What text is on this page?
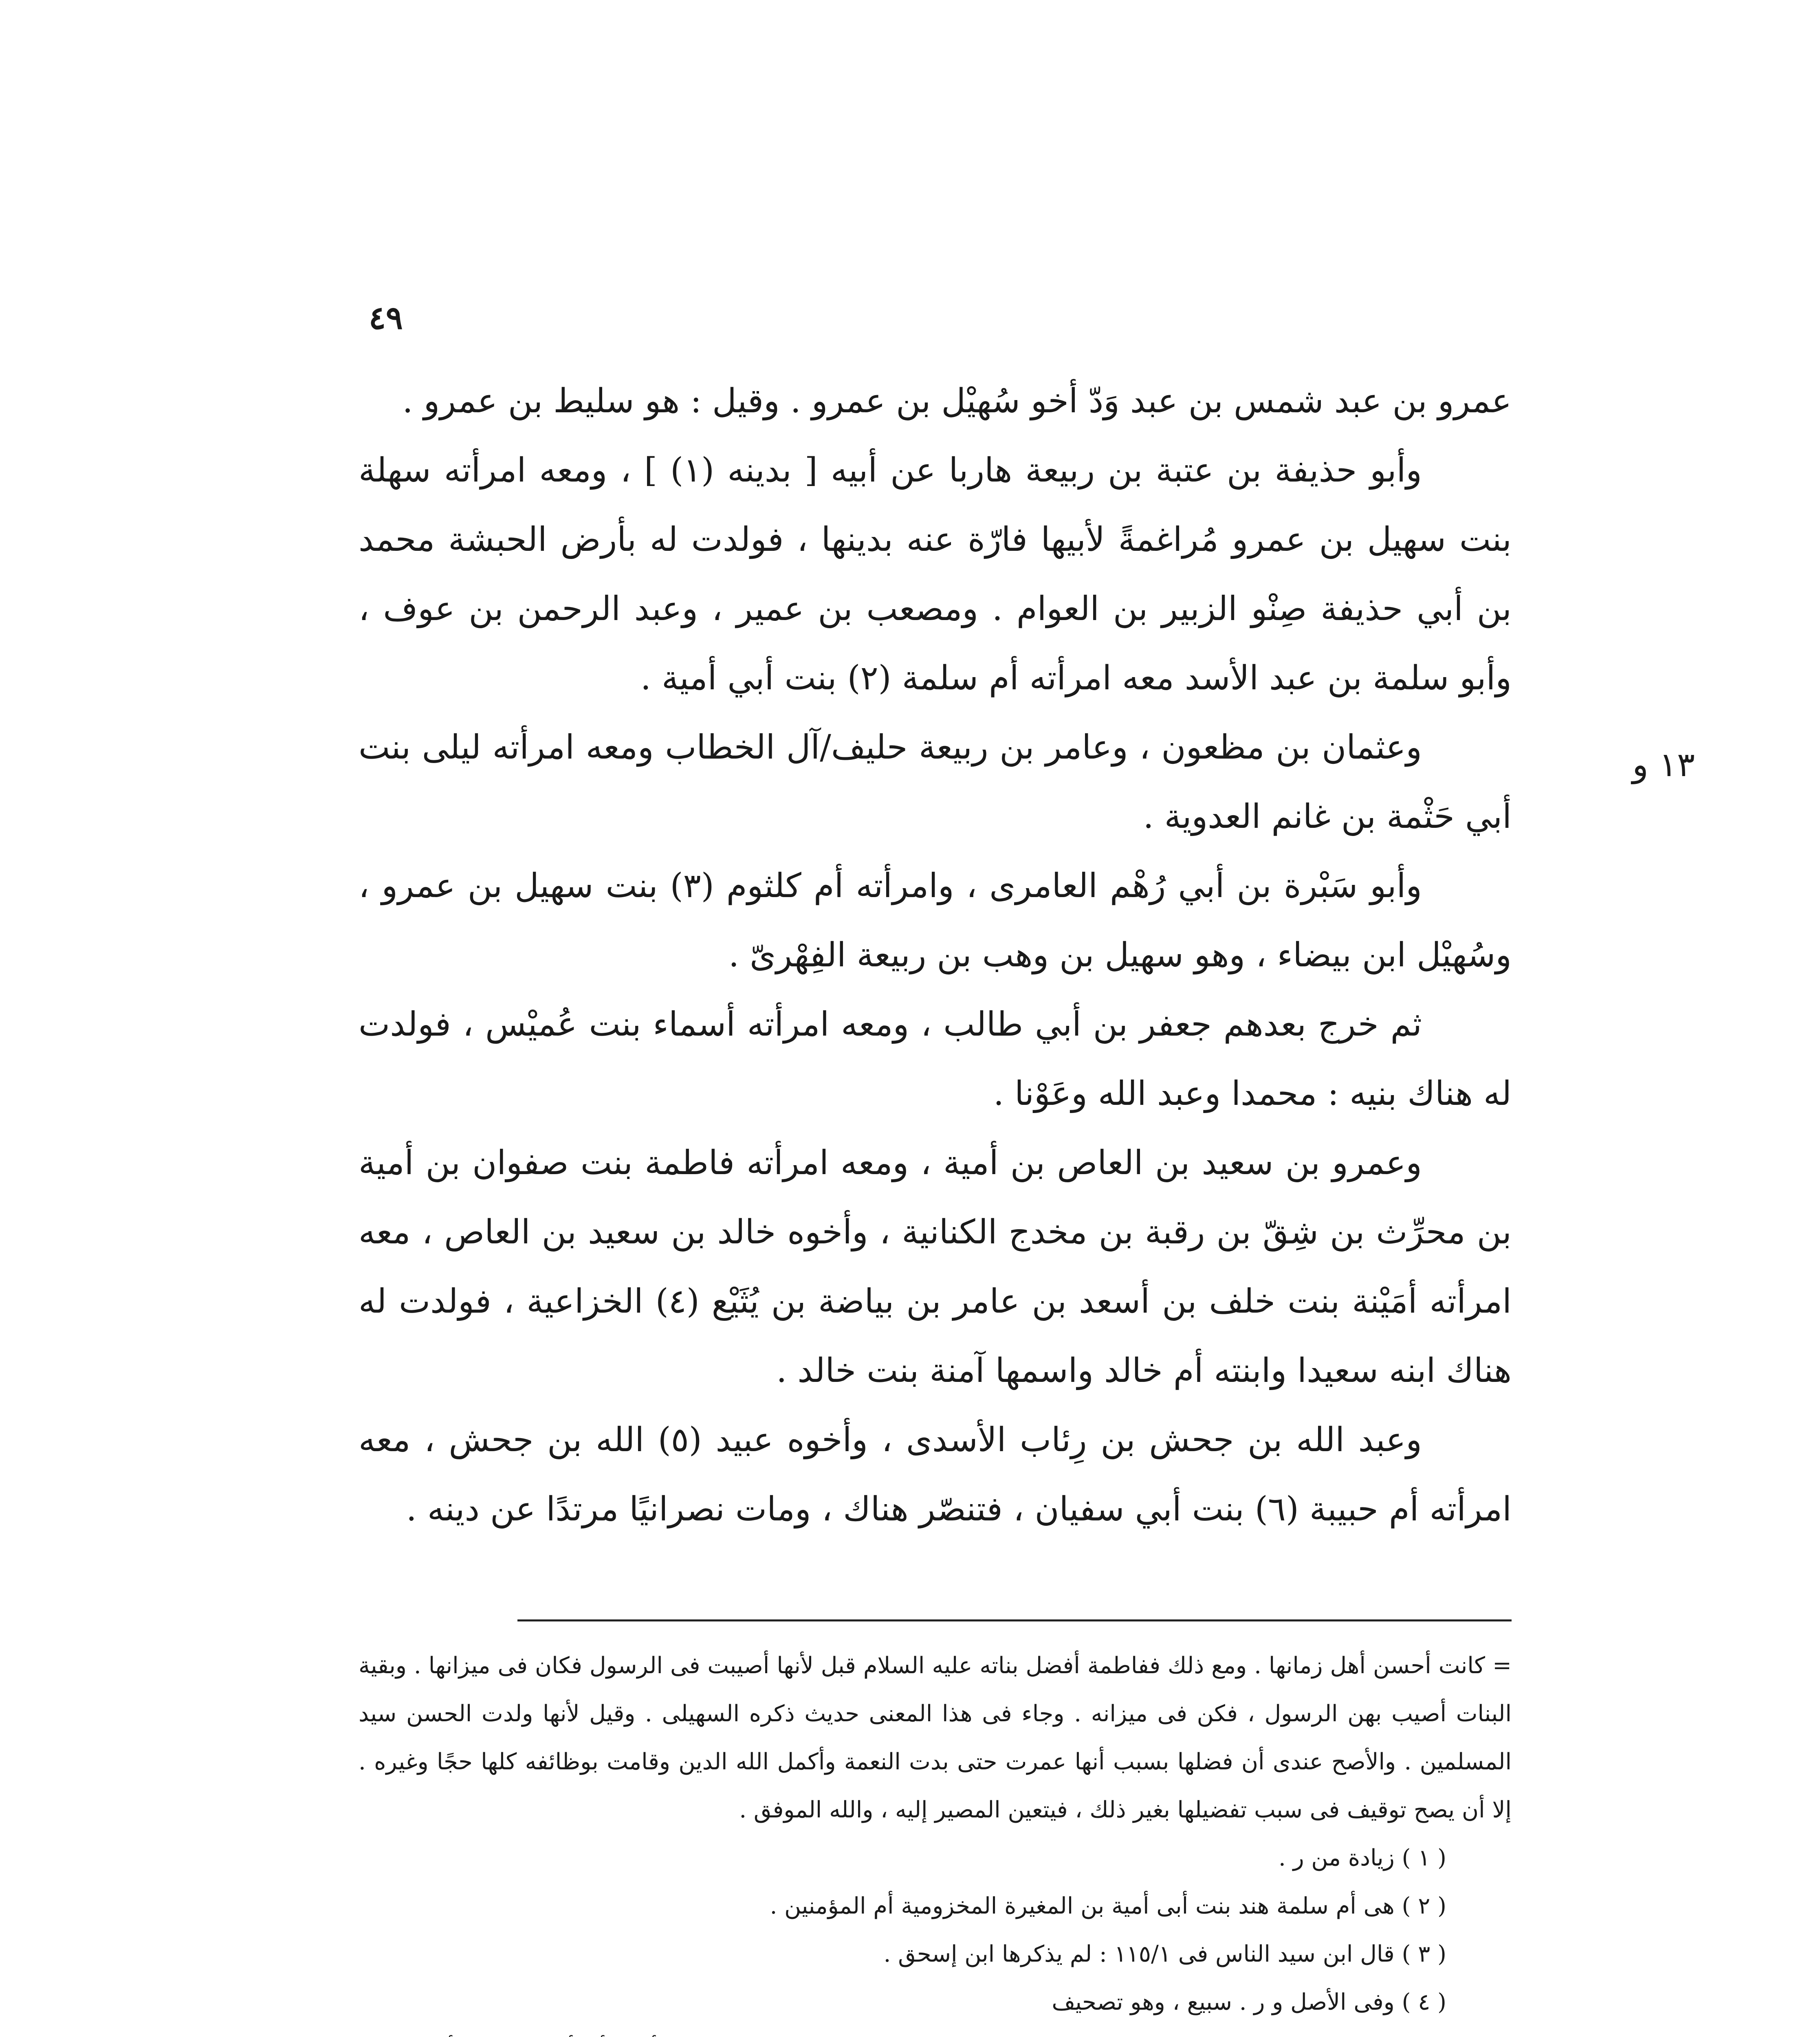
٤٩
١٣ و

عمرو بن عبد شمس بن عبد وَدّ أخو سُهيْل بن عمرو . وقيل : هو سليط بن عمرو .

وأبو حذيفة بن عتبة بن ربيعة هاربا عن أبيه [ بدينه (١) ] ، ومعه امرأته سهلة بنت سهيل بن عمرو مُراغمةً لأبيها فارّة عنه بدينها ، فولدت له بأرض الحبشة محمد بن أبي حذيفة صِنْو الزبير بن العوام . ومصعب بن عمير ، وعبد الرحمن بن عوف ، وأبو سلمة بن عبد الأسد معه امرأته أم سلمة (٢) بنت أبي أمية .

وعثمان بن مظعون ، وعامر بن ربيعة حليف/آل الخطاب ومعه امرأته ليلى بنت أبي حَثْمة بن غانم العدوية .

وأبو سَبْرة بن أبي رُهْم العامرى ، وامرأته أم كلثوم (٣) بنت سهيل بن عمرو ، وسُهيْل ابن بيضاء ، وهو سهيل بن وهب بن ربيعة الفِهْرىّ .

ثم خرج بعدهم جعفر بن أبي طالب ، ومعه امرأته أسماء بنت عُميْس ، فولدت له هناك بنيه : محمدا وعبد الله وعَوْنا .

وعمرو بن سعيد بن العاص بن أمية ، ومعه امرأته فاطمة بنت صفوان بن أمية بن محرِّث بن شِقّ بن رقبة بن مخدج الكنانية ، وأخوه خالد بن سعيد بن العاص ، معه امرأته أمَيْنة بنت خلف بن أسعد بن عامر بن بياضة بن يُثَيْع (٤) الخزاعية ، فولدت له هناك ابنه سعيدا وابنته أم خالد واسمها آمنة بنت خالد .

وعبد الله بن جحش بن رِئاب الأسدى ، وأخوه عبيد (٥) الله بن جحش ، معه امرأته أم حبيبة (٦) بنت أبي سفيان ، فتنصّر هناك ، ومات نصرانيًا مرتدًا عن دينه .

= كانت أحسن أهل زمانها . ومع ذلك ففاطمة أفضل بناته عليه السلام قبل لأنها أصيبت فى الرسول فكان فى ميزانها . وبقية البنات أصيب بهن الرسول ، فكن فى ميزانه . وجاء فى هذا المعنى حديث ذكره السهيلى . وقيل لأنها ولدت الحسن سيد المسلمين . والأصح عندى أن فضلها بسبب أنها عمرت حتى بدت النعمة وأكمل الله الدين وقامت بوظائفه كلها حجًا وغيره . إلا أن يصح توقيف فى سبب تفضيلها بغير ذلك ، فيتعين المصير إليه ، والله الموفق .

( ١ ) زيادة من ر .

( ٢ ) هى أم سلمة هند بنت أبى أمية بن المغيرة المخزومية أم المؤمنين .

( ٣ ) قال ابن سيد الناس فى ١١٥/١ : لم يذكرها ابن إسحق .

( ٤ ) وفى الأصل و ر . سبيع ، وهو تصحيف
